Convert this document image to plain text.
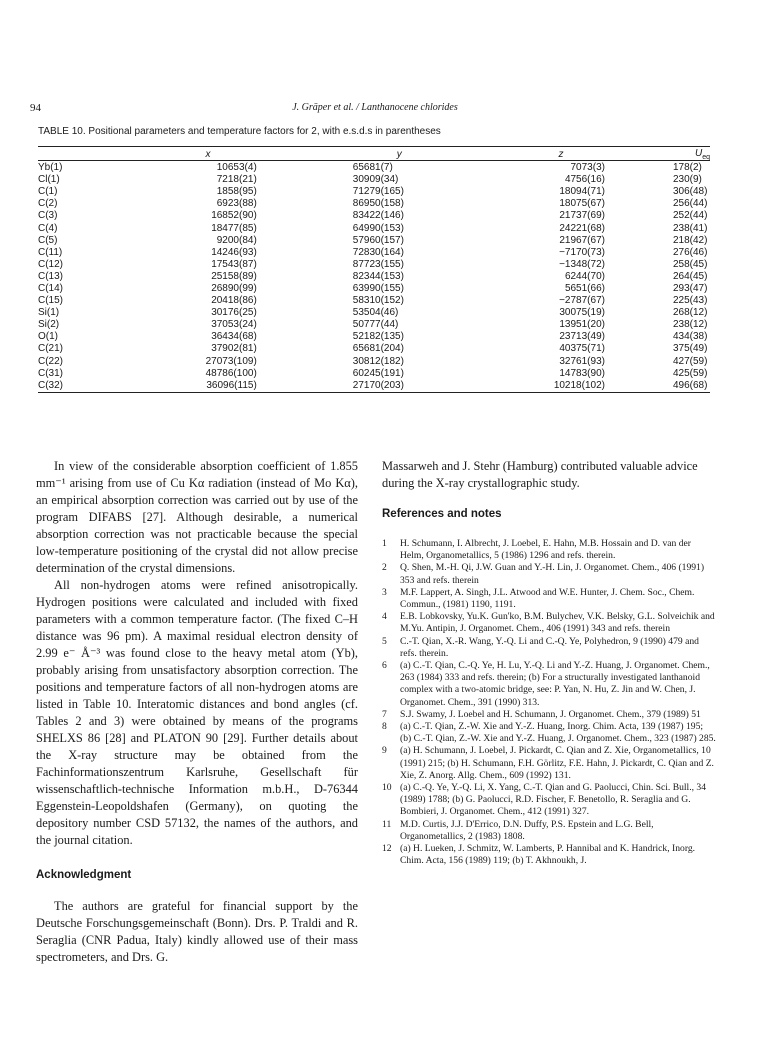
94	J. Gräper et al. / Lanthanocene chlorides
TABLE 10. Positional parameters and temperature factors for 2, with e.s.d.s in parentheses
	x	y	z	$U_{eq}$
Yb(1)	10653(4)	65681(7)	7073(3)	178(2)
Cl(1)	7218(21)	30909(34)	4756(16)	230(9)
C(1)	1858(95)	71279(165)	18094(71)	306(48)
C(2)	6923(88)	86950(158)	18075(67)	256(44)
C(3)	16852(90)	83422(146)	21737(69)	252(44)
C(4)	18477(85)	64990(153)	24221(68)	238(41)
C(5)	9200(84)	57960(157)	21967(67)	218(42)
C(11)	14246(93)	72830(164)	−7170(73)	276(46)
C(12)	17543(87)	87723(155)	−1348(72)	258(45)
C(13)	25158(89)	82344(153)	6244(70)	264(45)
C(14)	26890(99)	63990(155)	5651(66)	293(47)
C(15)	20418(86)	58310(152)	−2787(67)	225(43)
Si(1)	30176(25)	53504(46)	30075(19)	268(12)
Si(2)	37053(24)	50777(44)	13951(20)	238(12)
O(1)	36434(68)	52182(135)	23713(49)	434(38)
C(21)	37902(81)	65681(204)	40375(71)	375(49)
C(22)	27073(109)	30812(182)	32761(93)	427(59)
C(31)	48786(100)	60245(191)	14783(90)	425(59)
C(32)	36096(115)	27170(203)	10218(102)	496(68)

In view of the considerable absorption coefficient of 1.855 mm⁻¹ arising from use of Cu Kα radiation (instead of Mo Kα), an empirical absorption correction was carried out by use of the program DIFABS [27]. Although desirable, a numerical absorption correction was not practicable because the special low-temperature positioning of the crystal did not allow precise determination of the crystal dimensions.

All non-hydrogen atoms were refined anisotropically. Hydrogen positions were calculated and included with fixed parameters with a common temperature factor. (The fixed C–H distance was 96 pm). A maximal residual electron density of 2.99 e⁻ Å⁻³ was found close to the heavy metal atom (Yb), probably arising from unsatisfactory absorption correction. The positions and temperature factors of all non-hydrogen atoms are listed in Table 10. Interatomic distances and bond angles (cf. Tables 2 and 3) were obtained by means of the programs SHELXS 86 [28] and PLATON 90 [29]. Further details about the X-ray structure may be obtained from the Fachinformationszentrum Karlsruhe, Gesellschaft für wissenschaftlich-technische Information m.b.H., D-76344 Eggenstein-Leopoldshafen (Germany), on quoting the depository number CSD 57132, the names of the authors, and the journal citation.

Acknowledgment

The authors are grateful for financial support by the Deutsche Forschungsgemeinschaft (Bonn). Drs. P. Traldi and R. Seraglia (CNR Padua, Italy) kindly allowed use of their mass spectrometers, and Drs. G.

Massarweh and J. Stehr (Hamburg) contributed valuable advice during the X-ray crystallographic study.

References and notes
1 H. Schumann, I. Albrecht, J. Loebel, E. Hahn, M.B. Hossain and D. van der Helm, Organometallics, 5 (1986) 1296 and refs. therein.
2 Q. Shen, M.-H. Qi, J.W. Guan and Y.-H. Lin, J. Organomet. Chem., 406 (1991) 353 and refs. therein
3 M.F. Lappert, A. Singh, J.L. Atwood and W.E. Hunter, J. Chem. Soc., Chem. Commun., (1981) 1190, 1191.
4 E.B. Lobkovsky, Yu.K. Gun'ko, B.M. Bulychev, V.K. Belsky, G.L. Solveichik and M.Yu. Antipin, J. Organomet. Chem., 406 (1991) 343 and refs. therein
5 C.-T. Qian, X.-R. Wang, Y.-Q. Li and C.-Q. Ye, Polyhedron, 9 (1990) 479 and refs. therein.
6 (a) C.-T. Qian, C.-Q. Ye, H. Lu, Y.-Q. Li and Y.-Z. Huang, J. Organomet. Chem., 263 (1984) 333 and refs. therein; (b) For a structurally investigated lanthanoid complex with a two-atomic bridge, see: P. Yan, N. Hu, Z. Jin and W. Chen, J. Organomet. Chem., 391 (1990) 313.
7 S.J. Swamy, J. Loebel and H. Schumann, J. Organomet. Chem., 379 (1989) 51
8 (a) C.-T. Qian, Z.-W. Xie and Y.-Z. Huang, Inorg. Chim. Acta, 139 (1987) 195; (b) C.-T. Qian, Z.-W. Xie and Y.-Z. Huang, J. Organomet. Chem., 323 (1987) 285.
9 (a) H. Schumann, J. Loebel, J. Pickardt, C. Qian and Z. Xie, Organometallics, 10 (1991) 215; (b) H. Schumann, F.H. Görlitz, F.E. Hahn, J. Pickardt, C. Qian and Z. Xie, Z. Anorg. Allg. Chem., 609 (1992) 131.
10 (a) C.-Q. Ye, Y.-Q. Li, X. Yang, C.-T. Qian and G. Paolucci, Chin. Sci. Bull., 34 (1989) 1788; (b) G. Paolucci, R.D. Fischer, F. Benetollo, R. Seraglia and G. Bombieri, J. Organomet. Chem., 412 (1991) 327.
11 M.D. Curtis, J.J. D'Errico, D.N. Duffy, P.S. Epstein and L.G. Bell, Organometallics, 2 (1983) 1808.
12 (a) H. Lueken, J. Schmitz, W. Lamberts, P. Hannibal and K. Handrick, Inorg. Chim. Acta, 156 (1989) 119; (b) T. Akhnoukh, J.
